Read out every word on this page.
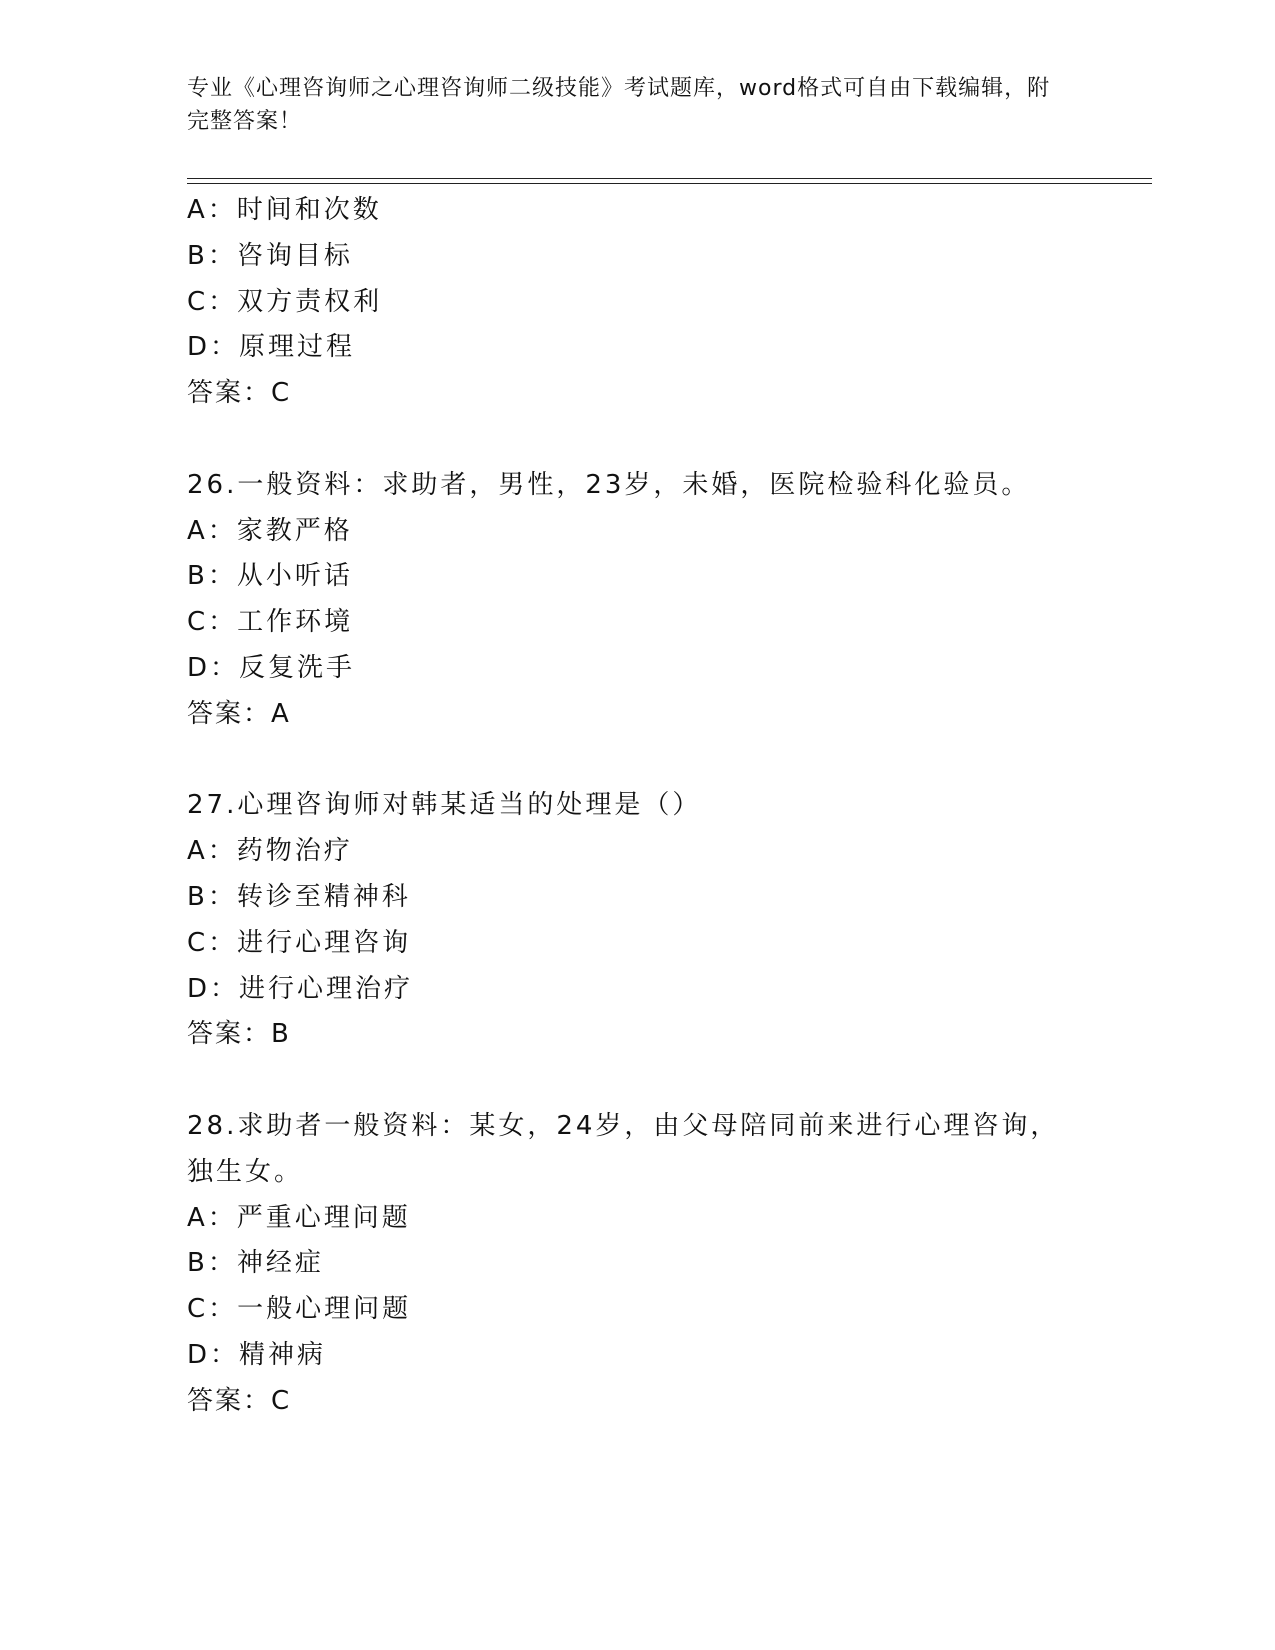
专业《心理咨询师之心理咨询师二级技能》考试题库，word格式可自由下载编辑，附完整答案！
A：时间和次数
B：咨询目标
C：双方责权利
D：原理过程
答案：C
26.一般资料：求助者，男性，23岁，未婚，医院检验科化验员。
A：家教严格
B：从小听话
C：工作环境
D：反复洗手
答案：A
27.心理咨询师对韩某适当的处理是（）
A：药物治疗
B：转诊至精神科
C：进行心理咨询
D：进行心理治疗
答案：B
28.求助者一般资料：某女，24岁，由父母陪同前来进行心理咨询，独生女。
A：严重心理问题
B：神经症
C：一般心理问题
D：精神病
答案：C
